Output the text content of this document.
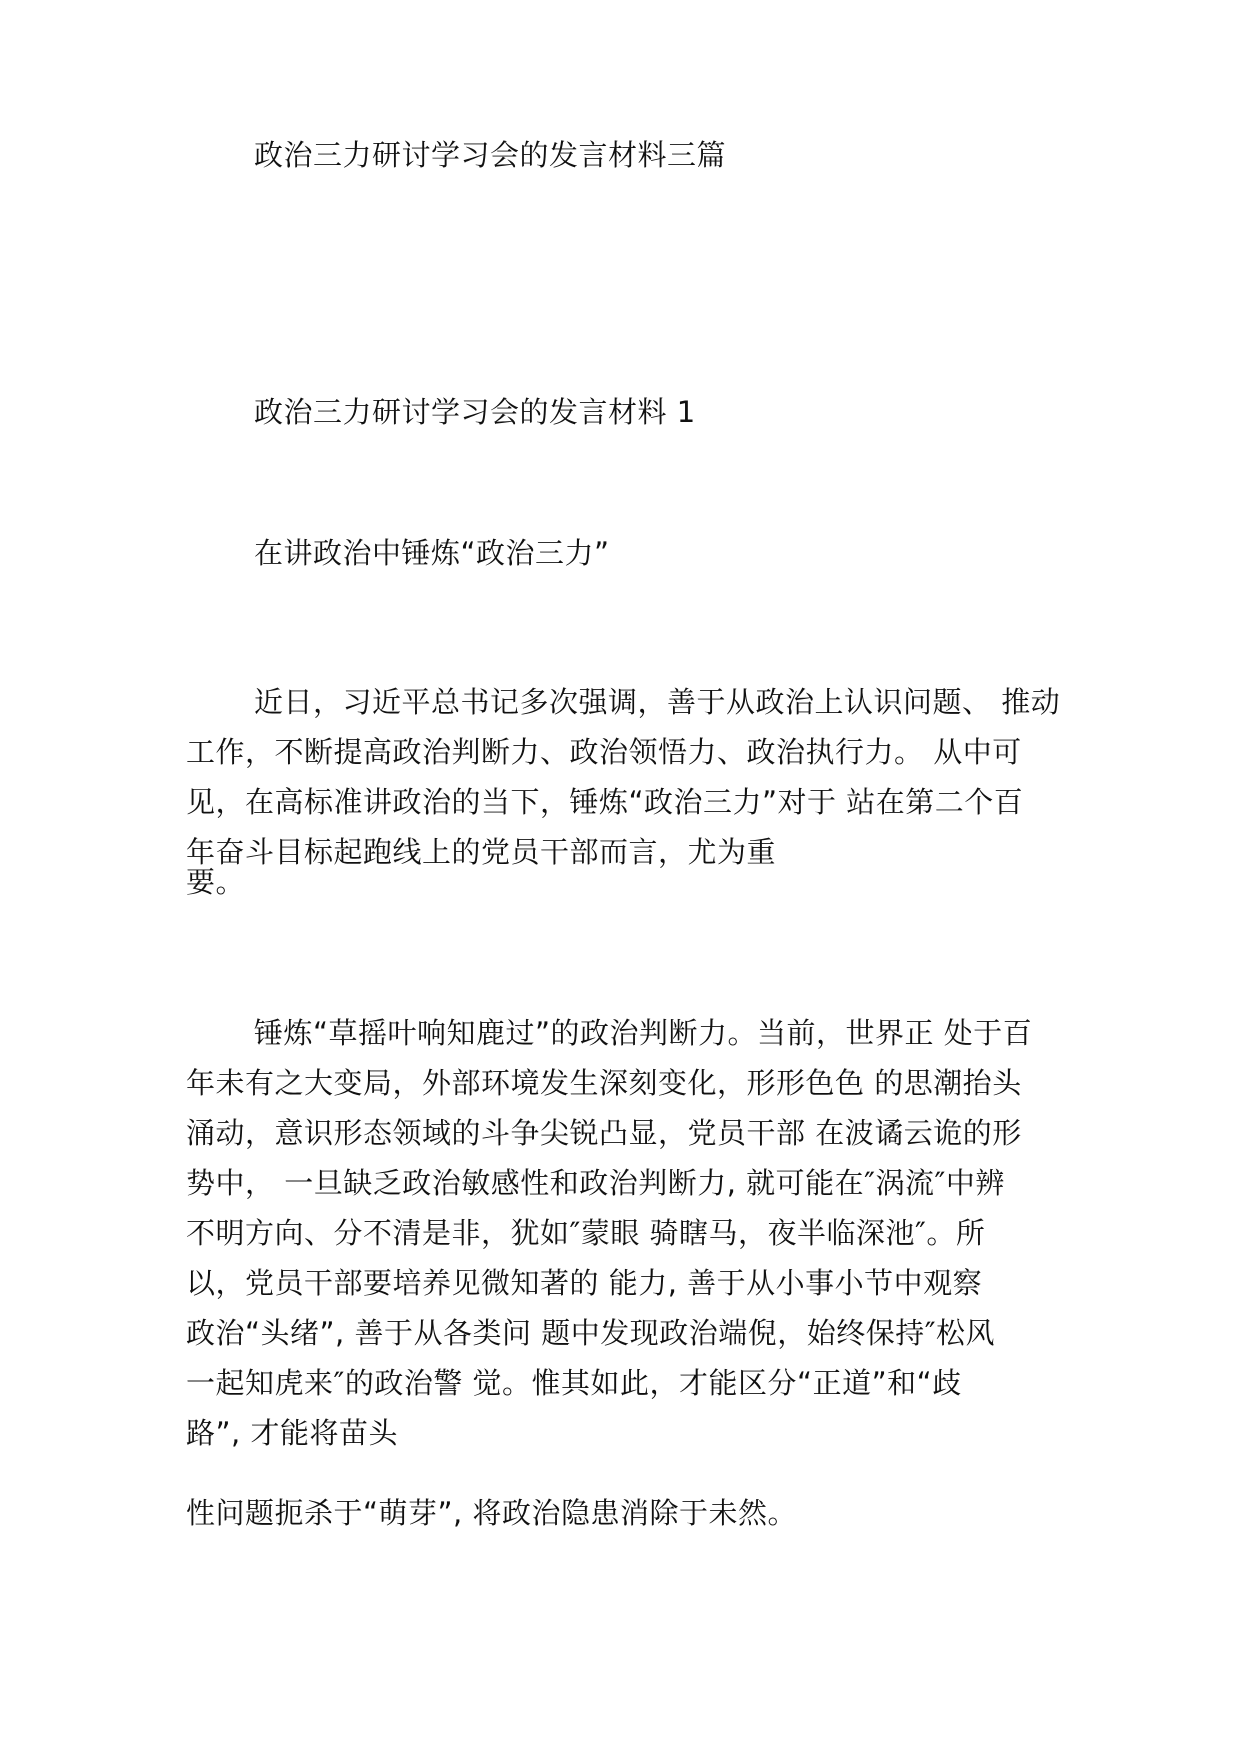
政治三力研讨学习会的发言材料三篇
政治三力研讨学习会的发言材料 1
在讲政治中锤炼“政治三力”
近日，习近平总书记多次强调，善于从政治上认识问题、 推动
工作，不断提高政治判断力、政治领悟力、政治执行力。 从中可
见，在高标准讲政治的当下，锤炼“政治三力”对于 站在第二个百
年奋斗目标起跑线上的党员干部而言，尤为重
要。
锤炼“草摇叶响知鹿过”的政治判断力。当前，世界正 处于百
年未有之大变局，外部环境发生深刻变化，形形色色 的思潮抬头
涌动，意识形态领域的斗争尖锐凸显，党员干部 在波谲云诡的形
势中， 一旦缺乏政治敏感性和政治判断力, 就可能在″涡流″中辨
不明方向、分不清是非，犹如″蒙眼 骑瞎马，夜半临深池″。所
以，党员干部要培养见微知著的 能力, 善于从小事小节中观察
政治“头绪”, 善于从各类问 题中发现政治端倪，始终保持″松风
一起知虎来″的政治警 觉。惟其如此，才能区分“正道”和“歧
路”, 才能将苗头
性问题扼杀于“萌芽”, 将政治隐患消除于未然。
